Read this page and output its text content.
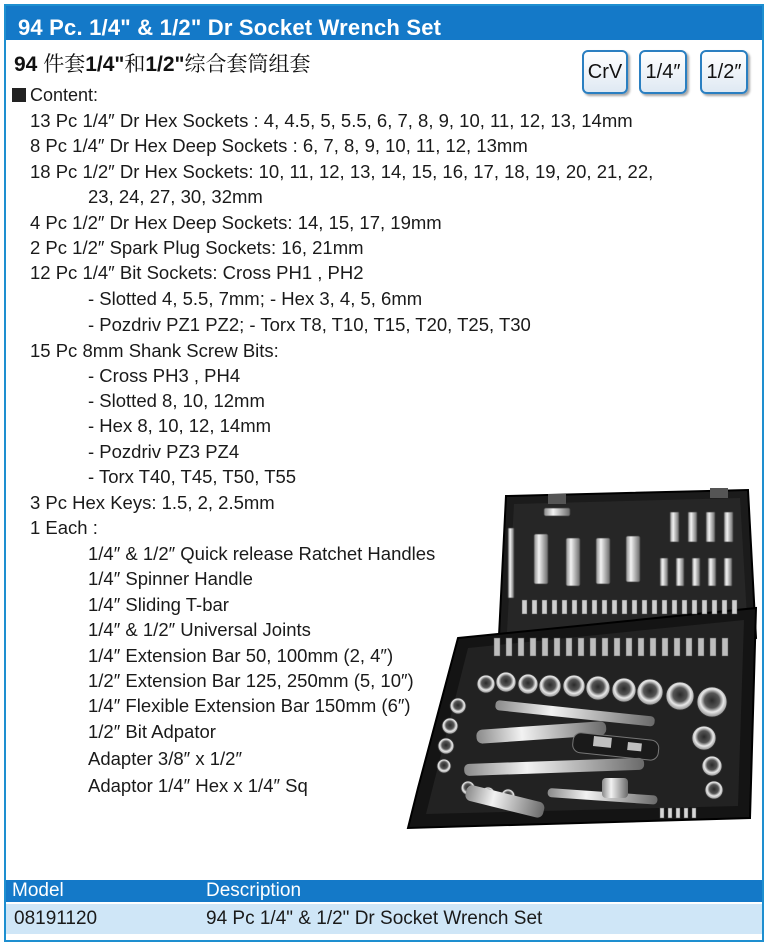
94 Pc. 1/4" & 1/2" Dr Socket Wrench Set
94 件套1/4"和1/2"综合套筒组套	CrV	1/4″	1/2″
Content:
13 Pc 1/4″ Dr Hex Sockets : 4, 4.5, 5, 5.5, 6, 7, 8, 9, 10, 11, 12, 13, 14mm
8 Pc 1/4″ Dr Hex Deep Sockets : 6, 7, 8, 9, 10, 11, 12, 13mm
18 Pc 1/2″ Dr Hex Sockets: 10, 11, 12, 13, 14, 15, 16, 17, 18, 19, 20, 21, 22,
23, 24, 27, 30, 32mm
4 Pc 1/2″ Dr Hex Deep Sockets: 14, 15, 17, 19mm
2 Pc 1/2″ Spark Plug Sockets: 16, 21mm
12 Pc 1/4″ Bit Sockets: Cross PH1 , PH2
- Slotted 4, 5.5, 7mm; - Hex 3, 4, 5, 6mm
- Pozdriv PZ1 PZ2; - Torx T8, T10, T15, T20, T25, T30
15 Pc 8mm Shank Screw Bits:
- Cross PH3 , PH4
- Slotted 8, 10, 12mm
- Hex 8, 10, 12, 14mm
- Pozdriv PZ3 PZ4
- Torx T40, T45, T50, T55
3 Pc Hex Keys: 1.5, 2, 2.5mm
1 Each :
1/4″ & 1/2″ Quick release Ratchet Handles
1/4″ Spinner Handle
1/4″ Sliding T-bar
1/4″ & 1/2″ Universal Joints
1/4″ Extension Bar 50, 100mm (2, 4″)
1/2″ Extension Bar 125, 250mm (5, 10″)
1/4″ Flexible Extension Bar 150mm (6″)
1/2″ Bit Adpator
Adapter 3/8″ x 1/2″
Adaptor 1/4″ Hex x 1/4″ Sq
Model	Description
08191120	94 Pc 1/4" & 1/2" Dr Socket Wrench Set
